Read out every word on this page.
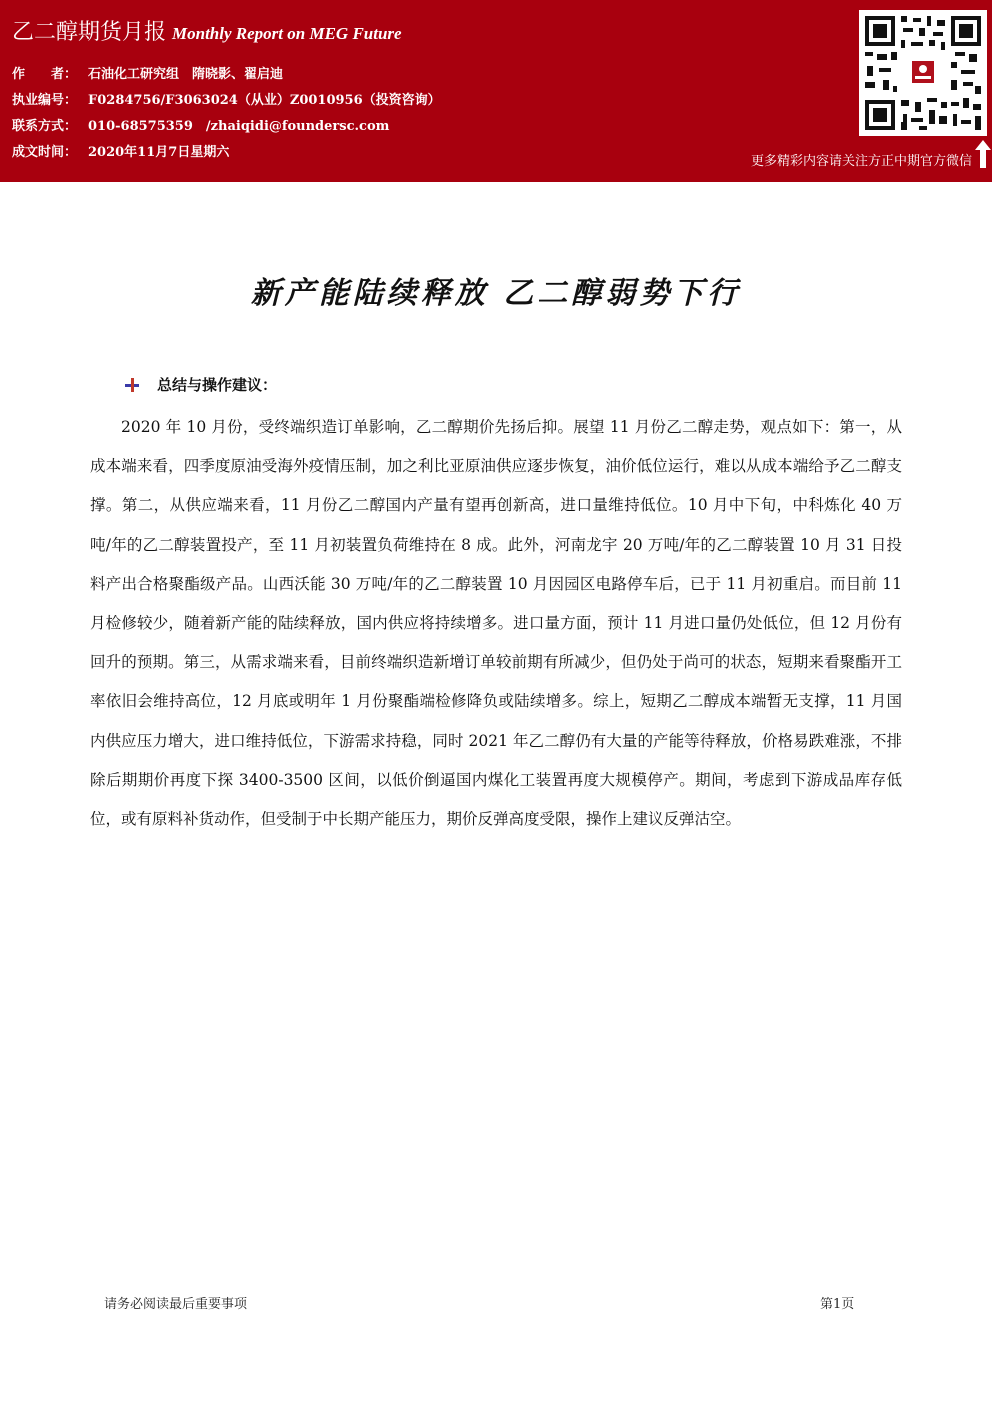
乙二醇期货月报 Monthly Report on MEG Future
作　　者： 石油化工研究组　隋晓影、翟启迪
执业编号： F0284756/F3063024（从业）Z0010956（投资咨询）
联系方式： 010-68575359　/zhaiqidi@foundersc.com
成文时间： 2020年11月7日星期六
更多精彩内容请关注方正中期官方微信
新产能陆续释放 乙二醇弱势下行
总结与操作建议：
2020 年 10 月份，受终端织造订单影响，乙二醇期价先扬后抑。展望 11 月份乙二醇走势，观点如下：第一，从成本端来看，四季度原油受海外疫情压制，加之利比亚原油供应逐步恢复，油价低位运行，难以从成本端给予乙二醇支撑。第二，从供应端来看，11 月份乙二醇国内产量有望再创新高，进口量维持低位。10 月中下旬，中科炼化 40 万吨/年的乙二醇装置投产，至 11 月初装置负荷维持在 8 成。此外，河南龙宇 20 万吨/年的乙二醇装置 10 月 31 日投料产出合格聚酯级产品。山西沃能 30 万吨/年的乙二醇装置 10 月因园区电路停车后，已于 11 月初重启。而目前 11 月检修较少，随着新产能的陆续释放，国内供应将持续增多。进口量方面，预计 11 月进口量仍处低位，但 12 月份有回升的预期。第三，从需求端来看，目前终端织造新增订单较前期有所减少，但仍处于尚可的状态，短期来看聚酯开工率依旧会维持高位，12 月底或明年 1 月份聚酯端检修降负或陆续增多。综上，短期乙二醇成本端暂无支撑，11 月国内供应压力增大，进口维持低位，下游需求持稳，同时 2021 年乙二醇仍有大量的产能等待释放，价格易跌难涨，不排除后期期价再度下探 3400-3500 区间，以低价倒逼国内煤化工装置再度大规模停产。期间，考虑到下游成品库存低位，或有原料补货动作，但受制于中长期产能压力，期价反弹高度受限，操作上建议反弹沽空。
请务必阅读最后重要事项	第1页
